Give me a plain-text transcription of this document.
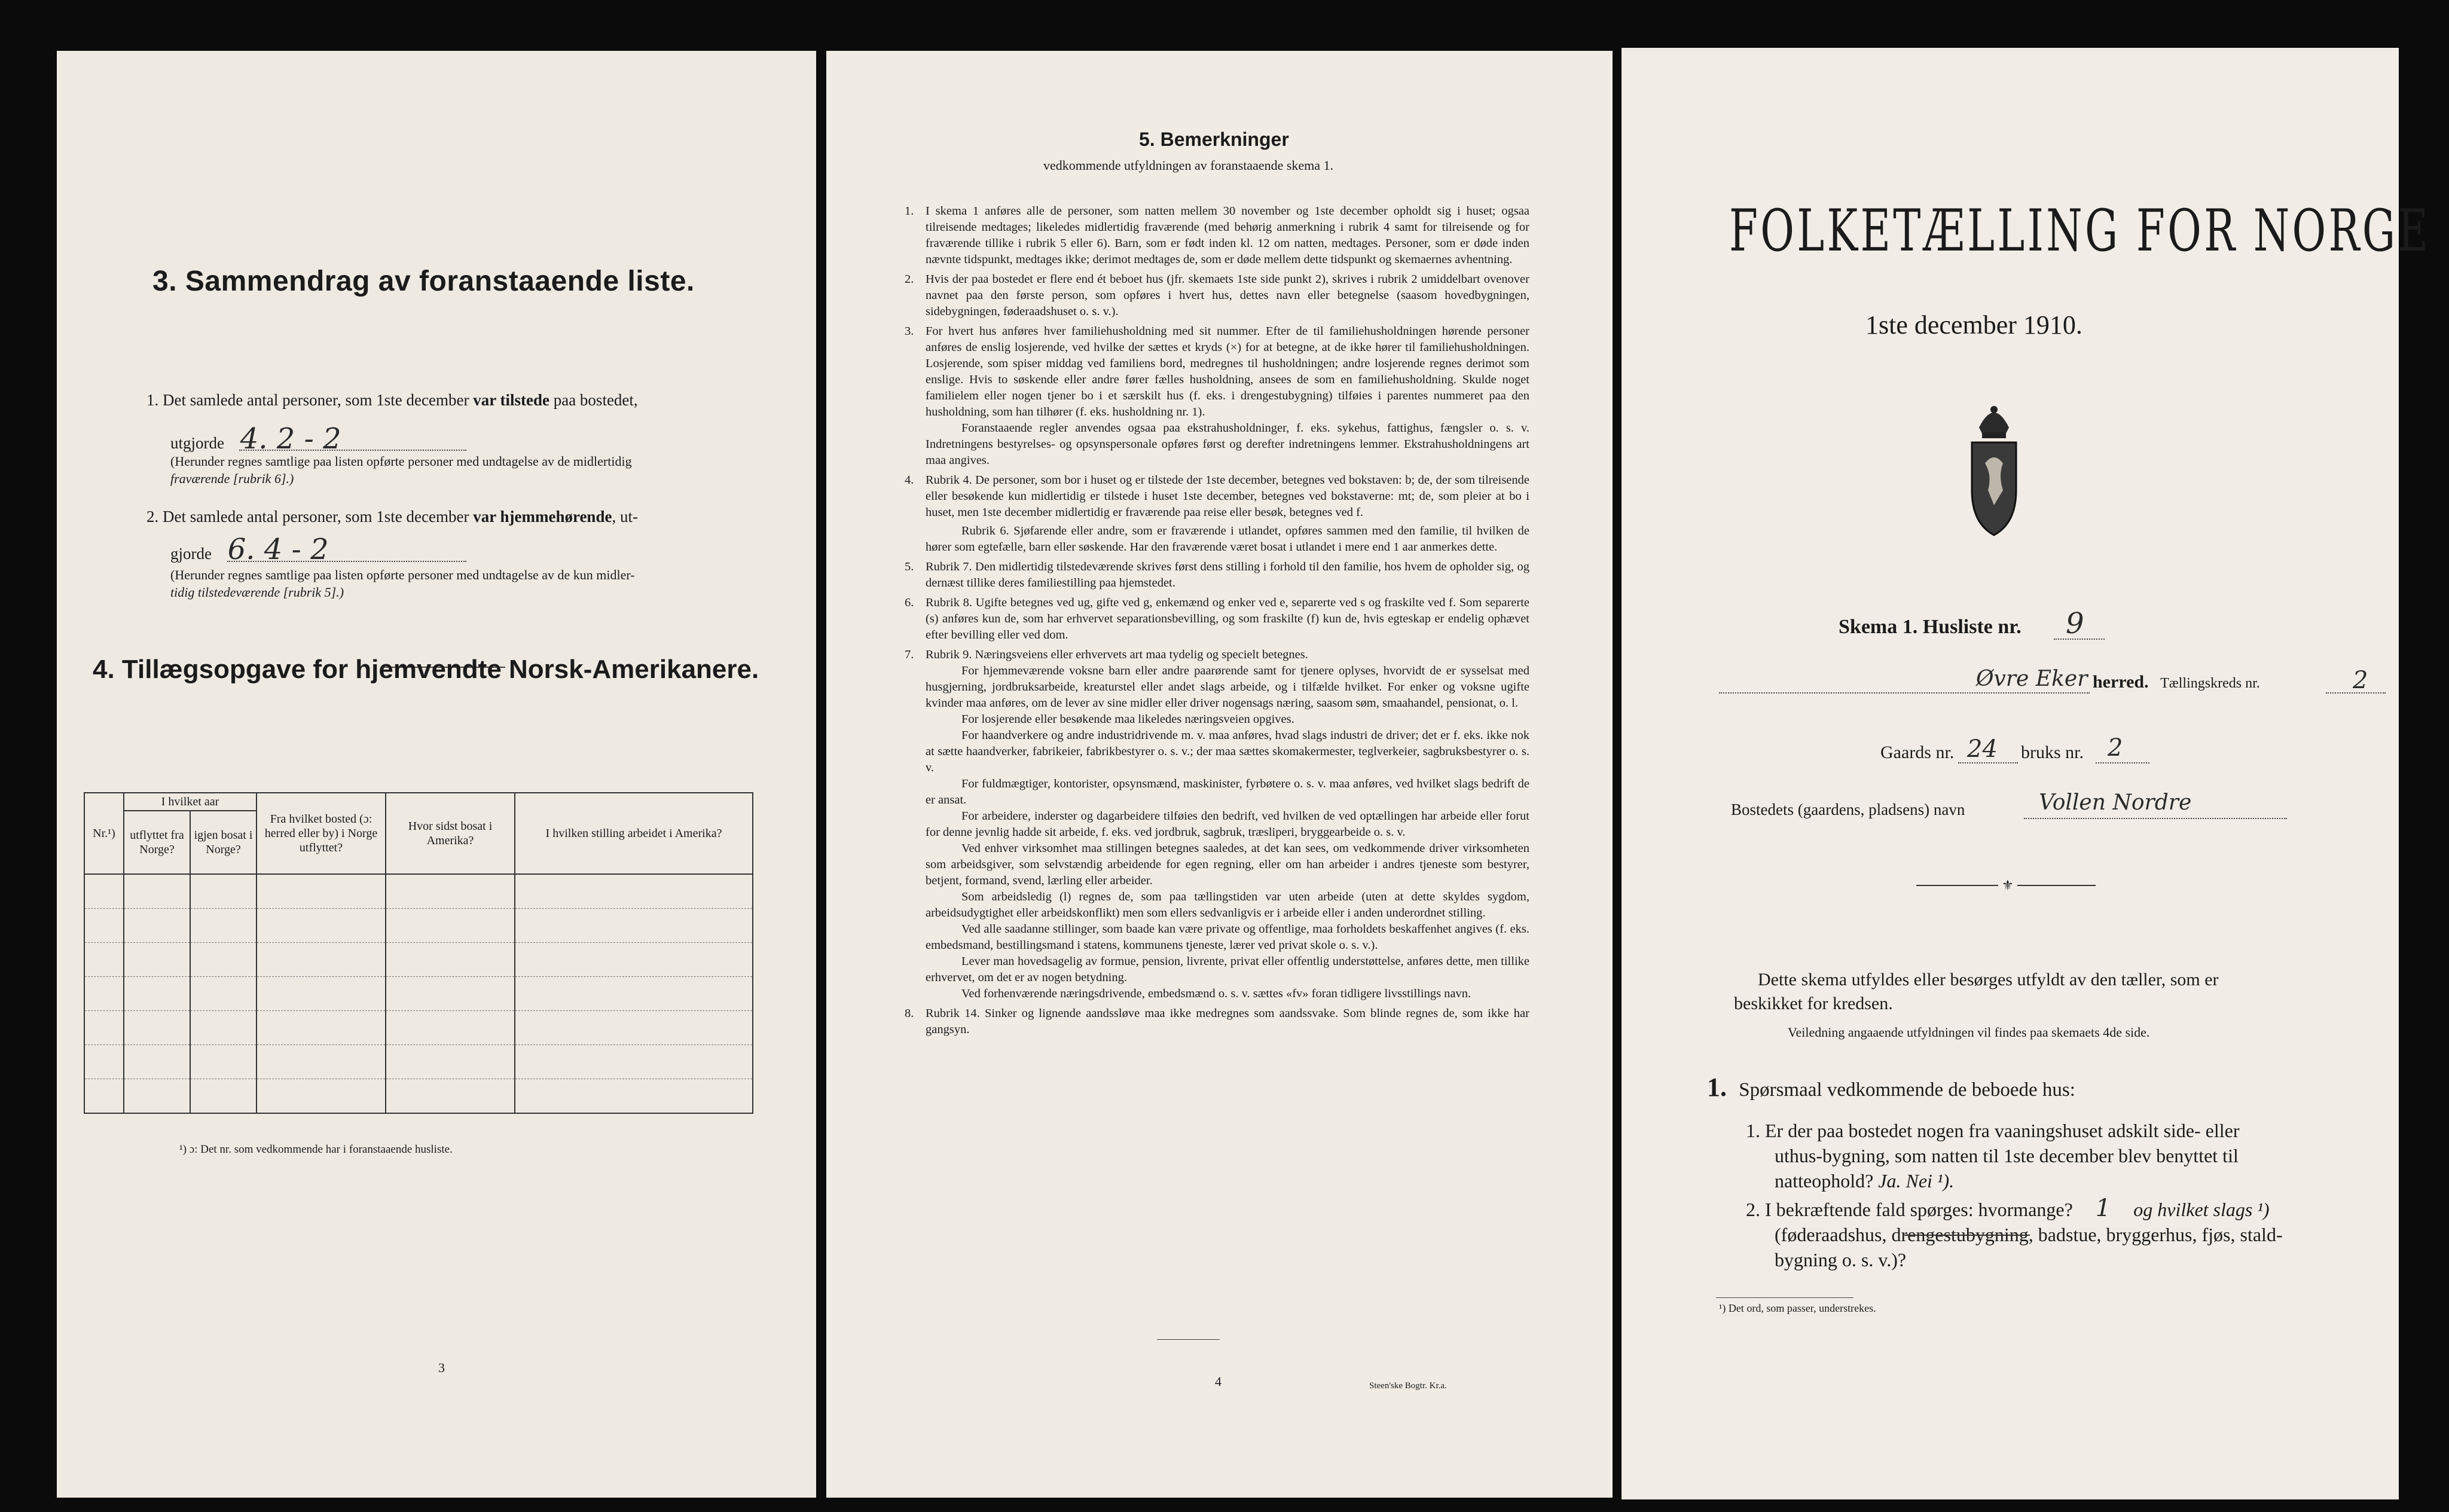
3. Sammendrag av foranstaaende liste.
1. Det samlede antal personer, som 1ste december var tilstede paa bostedet,
utgjorde 4. 2 - 2
(Herunder regnes samtlige paa listen opførte personer med undtagelse av de midlertidig
fraværende [rubrik 6].)
2. Det samlede antal personer, som 1ste december var hjemmehørende, ut-
gjorde 6. 4 - 2
(Herunder regnes samtlige paa listen opførte personer med undtagelse av de kun midler-
tidig tilstedeværende [rubrik 5].)
4. Tillægsopgave for hjemvendte Norsk-Amerikanere.
Nr.¹)	I hvilket aar		Fra hvilket bosted (ɔ: herred eller by) i Norge utflyttet?	Hvor sidst bosat i Amerika?	I hvilken stilling arbeidet i Amerika?
	utflyttet fra Norge?	igjen bosat i Norge?			

¹) ɔ: Det nr. som vedkommende har i foranstaaende husliste.
3
5. Bemerkninger
vedkommende utfyldningen av foranstaaende skema 1.
1. I skema 1 anføres alle de personer, som natten mellem 30 november og 1ste december opholdt sig i huset; ogsaa tilreisende medtages; likeledes midlertidig fraværende (med behørig anmerkning i rubrik 4 samt for tilreisende og for fraværende tillike i rubrik 5 eller 6). Barn, som er født inden kl. 12 om natten, medtages. Personer, som er døde inden nævnte tidspunkt, medtages ikke; derimot medtages de, som er døde mellem dette tidspunkt og skemaernes avhentning.
2. Hvis der paa bostedet er flere end ét beboet hus (jfr. skemaets 1ste side punkt 2), skrives i rubrik 2 umiddelbart ovenover navnet paa den første person, som opføres i hvert hus, dettes navn eller betegnelse (saasom hovedbygningen, sidebygningen, føderaadshuset o. s. v.).
3. For hvert hus anføres hver familiehusholdning med sit nummer. Efter de til familiehusholdningen hørende personer anføres de enslig losjerende, ved hvilke der sættes et kryds (×) for at betegne, at de ikke hører til familiehusholdningen. Losjerende, som spiser middag ved familiens bord, medregnes til husholdningen; andre losjerende regnes derimot som enslige. Hvis to søskende eller andre fører fælles husholdning, ansees de som en familiehusholdning. Skulde noget familielem eller nogen tjener bo i et særskilt hus (f. eks. i drengestubygning) tilføies i parentes nummeret paa den husholdning, som han tilhører (f. eks. husholdning nr. 1).
Foranstaaende regler anvendes ogsaa paa ekstrahusholdninger, f. eks. sykehus, fattighus, fængsler o. s. v. Indretningens bestyrelses- og opsynspersonale opføres først og derefter indretningens lemmer. Ekstrahusholdningens art maa angives.
4. Rubrik 4. De personer, som bor i huset og er tilstede der 1ste december, betegnes ved bokstaven: b; de, der som tilreisende eller besøkende kun midlertidig er tilstede i huset 1ste december, betegnes ved bokstaverne: mt; de, som pleier at bo i huset, men 1ste december midlertidig er fraværende paa reise eller besøk, betegnes ved f.
Rubrik 6. Sjøfarende eller andre, som er fraværende i utlandet, opføres sammen med den familie, til hvilken de hører som egtefælle, barn eller søskende. Har den fraværende været bosat i utlandet i mere end 1 aar anmerkes dette.
5. Rubrik 7. Den midlertidig tilstedeværende skrives først dens stilling i forhold til den familie, hos hvem de opholder sig, og dernæst tillike deres familiestilling paa hjemstedet.
6. Rubrik 8. Ugifte betegnes ved ug, gifte ved g, enkemænd og enker ved e, separerte ved s og fraskilte ved f. Som separerte (s) anføres kun de, som har erhvervet separationsbevilling, og som fraskilte (f) kun de, hvis egteskap er endelig ophævet efter bevilling eller ved dom.
7. Rubrik 9. Næringsveiens eller erhvervets art maa tydelig og specielt betegnes.
For hjemmeværende voksne barn eller andre paarørende samt for tjenere oplyses, hvorvidt de er sysselsat med husgjerning, jordbruksarbeide, kreaturstel eller andet slags arbeide, og i tilfælde hvilket. For enker og voksne ugifte kvinder maa anføres, om de lever av sine midler eller driver nogensags næring, saasom søm, smaahandel, pensionat, o. l.
For losjerende eller besøkende maa likeledes næringsveien opgives.
For haandverkere og andre industridrivende m. v. maa anføres, hvad slags industri de driver; det er f. eks. ikke nok at sætte haandverker, fabrikeier, fabrikbestyrer o. s. v.; der maa sættes skomakermester, teglverkeier, sagbruksbestyrer o. s. v.
For fuldmægtiger, kontorister, opsynsmænd, maskinister, fyrbøtere o. s. v. maa anføres, ved hvilket slags bedrift de er ansat.
For arbeidere, inderster og dagarbeidere tilføies den bedrift, ved hvilken de ved optællingen har arbeide eller forut for denne jevnlig hadde sit arbeide, f. eks. ved jordbruk, sagbruk, træsliperi, bryggearbeide o. s. v.
Ved enhver virksomhet maa stillingen betegnes saaledes, at det kan sees, om vedkommende driver virksomheten som arbeidsgiver, som selvstændig arbeidende for egen regning, eller om han arbeider i andres tjeneste som bestyrer, betjent, formand, svend, lærling eller arbeider.
Som arbeidsledig (l) regnes de, som paa tællingstiden var uten arbeide (uten at dette skyldes sygdom, arbeidsudygtighet eller arbeidskonflikt) men som ellers sedvanligvis er i arbeide eller i anden underordnet stilling.
Ved alle saadanne stillinger, som baade kan være private og offentlige, maa forholdets beskaffenhet angives (f. eks. embedsmand, bestillingsmand i statens, kommunens tjeneste, lærer ved privat skole o. s. v.).
Lever man hovedsagelig av formue, pension, livrente, privat eller offentlig understøttelse, anføres dette, men tillike erhvervet, om det er av nogen betydning.
Ved forhenværende næringsdrivende, embedsmænd o. s. v. sættes «fv» foran tidligere livsstillings navn.
8. Rubrik 14. Sinker og lignende aandssløve maa ikke medregnes som aandssvake. Som blinde regnes de, som ikke har gangsyn.
4	Steen'ske Bogtr. Kr.a.
FOLKETÆLLING FOR NORGE
1ste december 1910.
Skema 1. Husliste nr. 9
Øvre Eker herred. Tællingskreds nr.	2
Gaards nr. 24 bruks nr. 2
Bostedets (gaardens, pladsens) navn	Vollen Nordre
⚜
Dette skema utfyldes eller besørges utfyldt av den tæller, som er
beskikket for kredsen.
Veiledning angaaende utfyldningen vil findes paa skemaets 4de side.
1. Spørsmaal vedkommende de beboede hus:
1. Er der paa bostedet nogen fra vaaningshuset adskilt side- eller
uthus-bygning, som natten til 1ste december blev benyttet til
natteophold? Ja. Nei ¹).
2. I bekræftende fald spørges: hvormange? 1 og hvilket slags ¹)
(føderaadshus, drengestubygning, badstue, bryggerhus, fjøs, stald-
bygning o. s. v.)?
¹) Det ord, som passer, understrekes.
